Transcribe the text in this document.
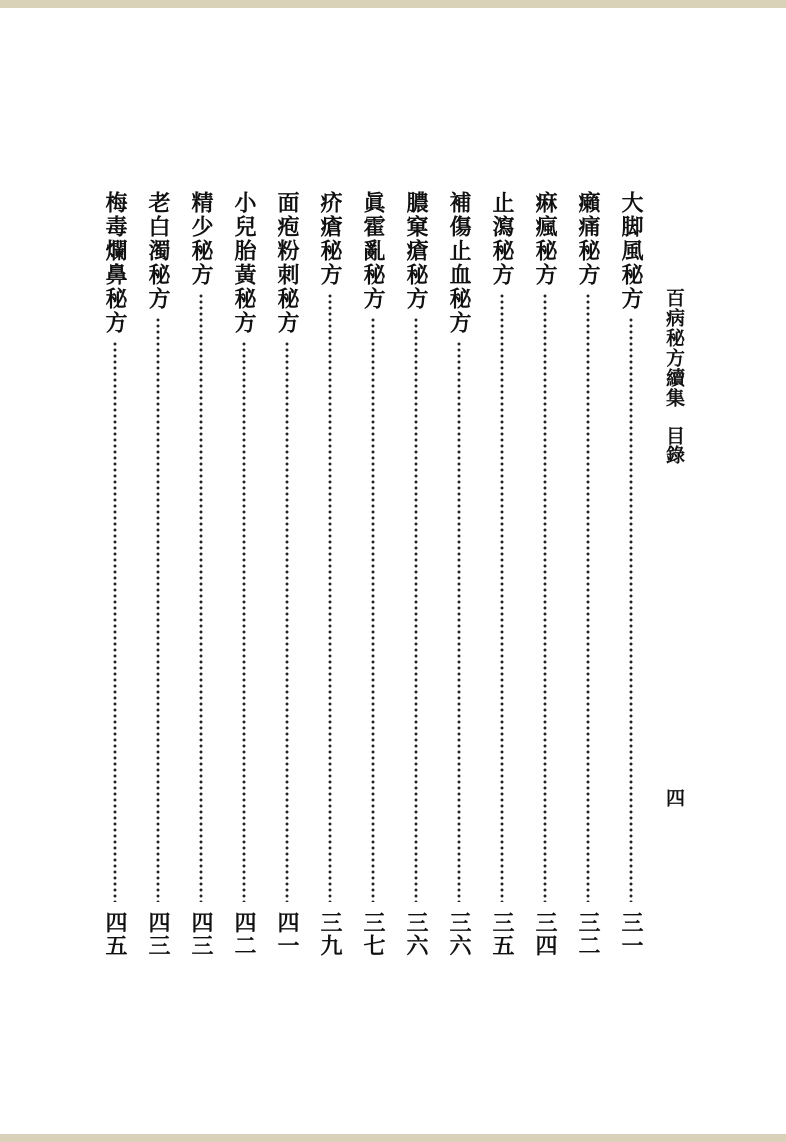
百病秘方續集
目錄
四
大脚風秘方
三一
癩痛秘方
三二
痳瘋秘方
三四
止瀉秘方
三五
補傷止血秘方
三六
膿窠瘡秘方
三六
眞霍亂秘方
三七
疥瘡秘方
三九
面疱粉刺秘方
四一
小兒胎黃秘方
四二
精少秘方
四三
老白濁秘方
四三
梅毒爛鼻秘方
四五
